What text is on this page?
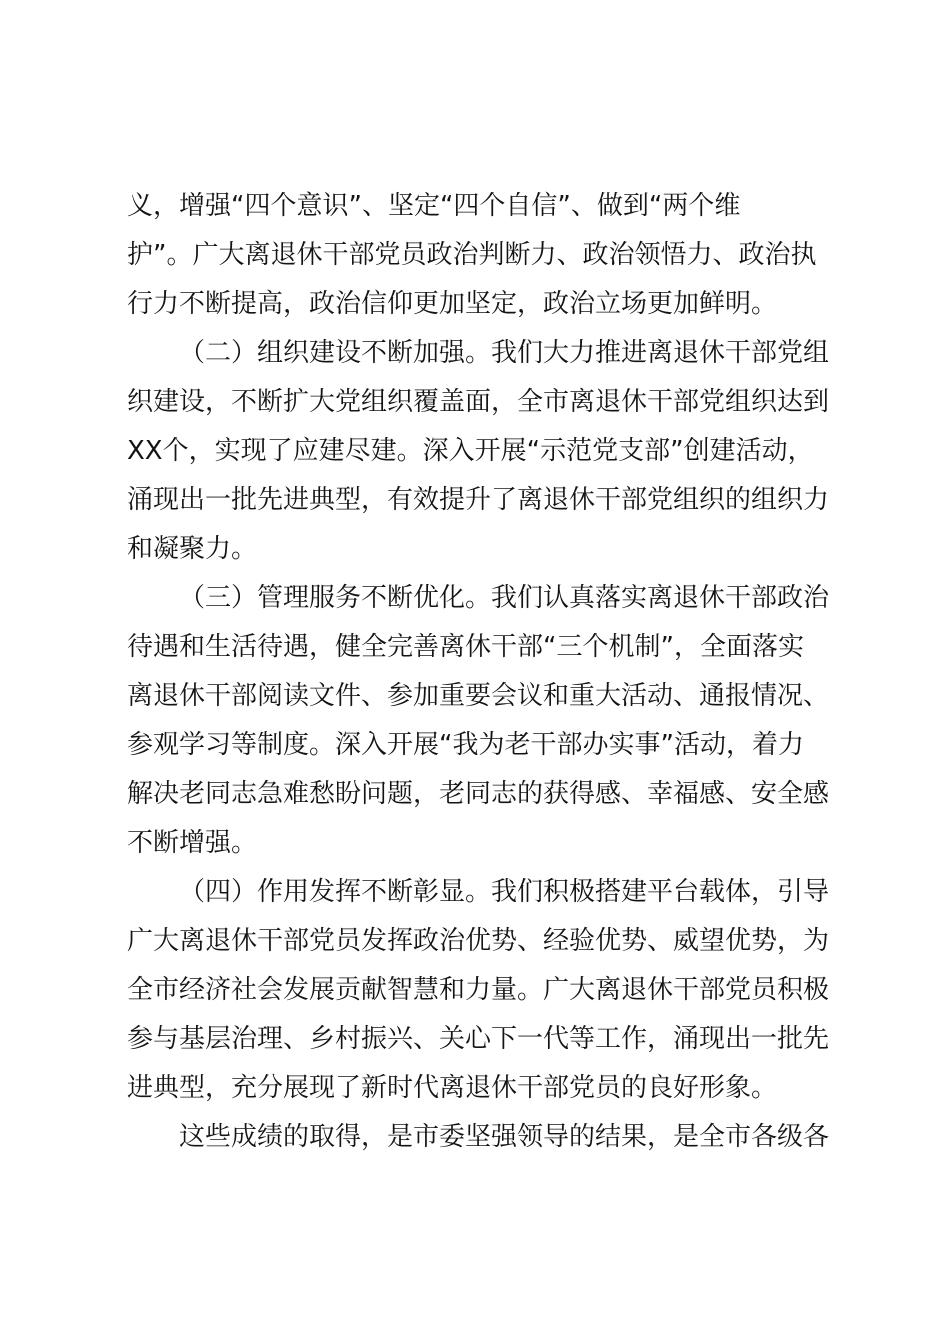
义，增强“四个意识”、坚定“四个自信”、做到“两个维
护”。广大离退休干部党员政治判断力、政治领悟力、政治执
行力不断提高，政治信仰更加坚定，政治立场更加鲜明。
（二）组织建设不断加强。我们大力推进离退休干部党组
织建设，不断扩大党组织覆盖面，全市离退休干部党组织达到
XX个，实现了应建尽建。深入开展“示范党支部”创建活动，
涌现出一批先进典型，有效提升了离退休干部党组织的组织力
和凝聚力。
（三）管理服务不断优化。我们认真落实离退休干部政治
待遇和生活待遇，健全完善离休干部“三个机制”，全面落实
离退休干部阅读文件、参加重要会议和重大活动、通报情况、
参观学习等制度。深入开展“我为老干部办实事”活动，着力
解决老同志急难愁盼问题，老同志的获得感、幸福感、安全感
不断增强。
（四）作用发挥不断彰显。我们积极搭建平台载体，引导
广大离退休干部党员发挥政治优势、经验优势、威望优势，为
全市经济社会发展贡献智慧和力量。广大离退休干部党员积极
参与基层治理、乡村振兴、关心下一代等工作，涌现出一批先
进典型，充分展现了新时代离退休干部党员的良好形象。
这些成绩的取得，是市委坚强领导的结果，是全市各级各
